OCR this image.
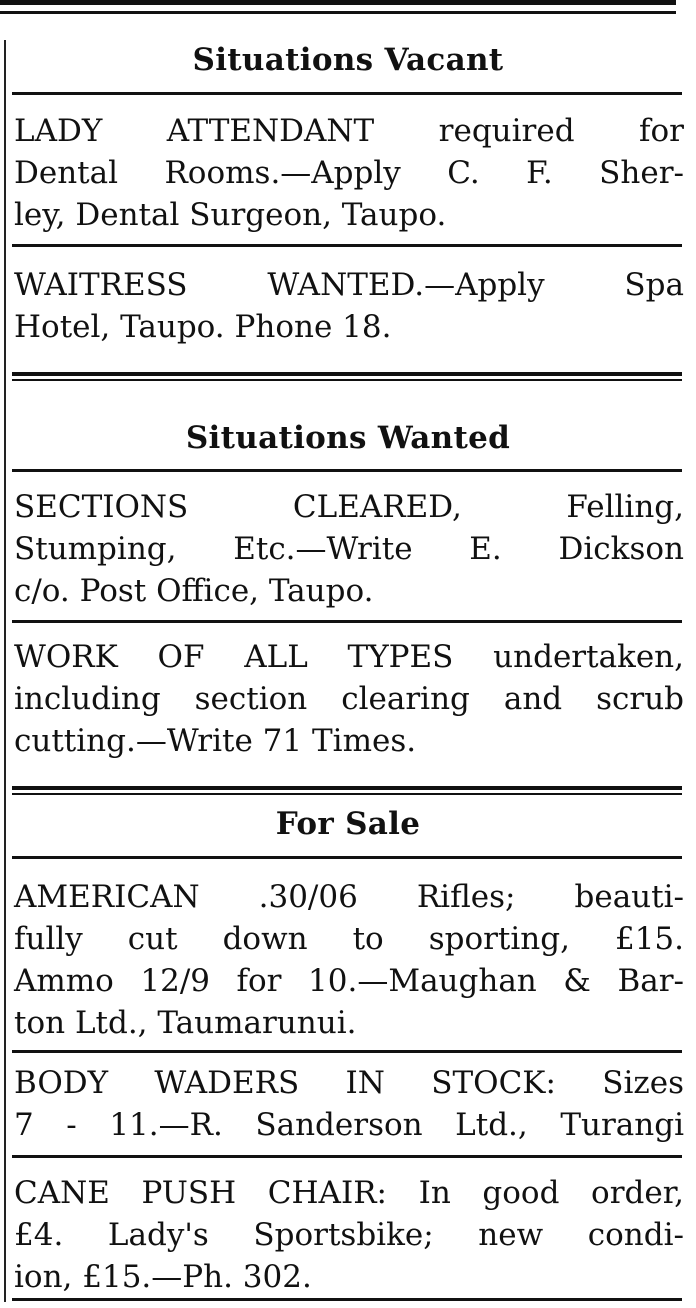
Situations Vacant
LADY ATTENDANT required for
Dental Rooms.—Apply C. F. Sher-
ley, Dental Surgeon, Taupo.
WAITRESS WANTED.—Apply Spa
Hotel, Taupo. Phone 18.
Situations Wanted
SECTIONS CLEARED, Felling,
Stumping, Etc.—Write E. Dickson
c/o. Post Office, Taupo.
WORK OF ALL TYPES undertaken,
including section clearing and scrub
cutting.—Write 71 Times.
For Sale
AMERICAN .30/06 Rifles; beauti-
fully cut down to sporting, £15.
Ammo 12/9 for 10.—Maughan & Bar-
ton Ltd., Taumarunui.
BODY WADERS IN STOCK: Sizes
7 - 11.—R. Sanderson Ltd., Turangi
CANE PUSH CHAIR: In good order,
£4. Lady's Sportsbike; new condi-
ion, £15.—Ph. 302.
